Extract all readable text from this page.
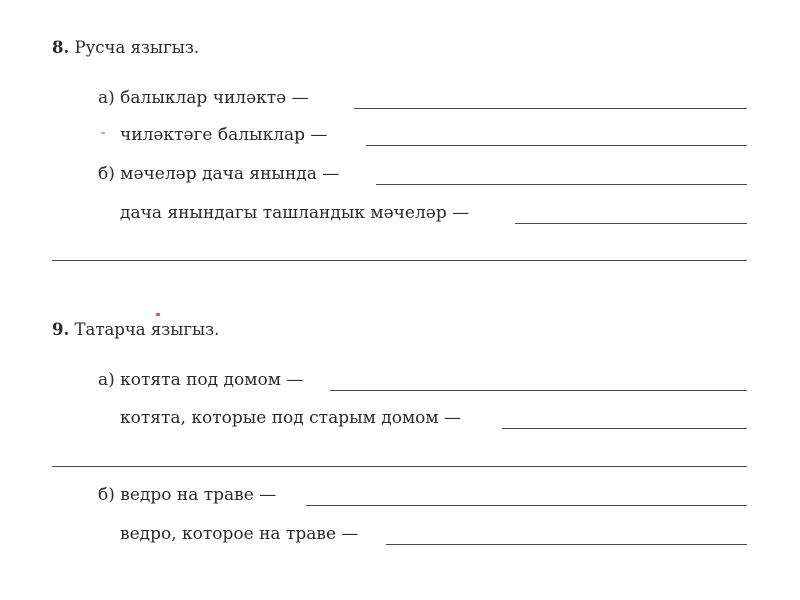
8. Русча языгыз.
а) балыклар чиләктә —
чиләктәге балыклар —
б) мәчеләр дача янында —
дача янындагы ташландык мәчеләр —
9. Татарча языгыз.
а) котята под домом —
котята, которые под старым домом —
б) ведро на траве —
ведро, которое на траве —
